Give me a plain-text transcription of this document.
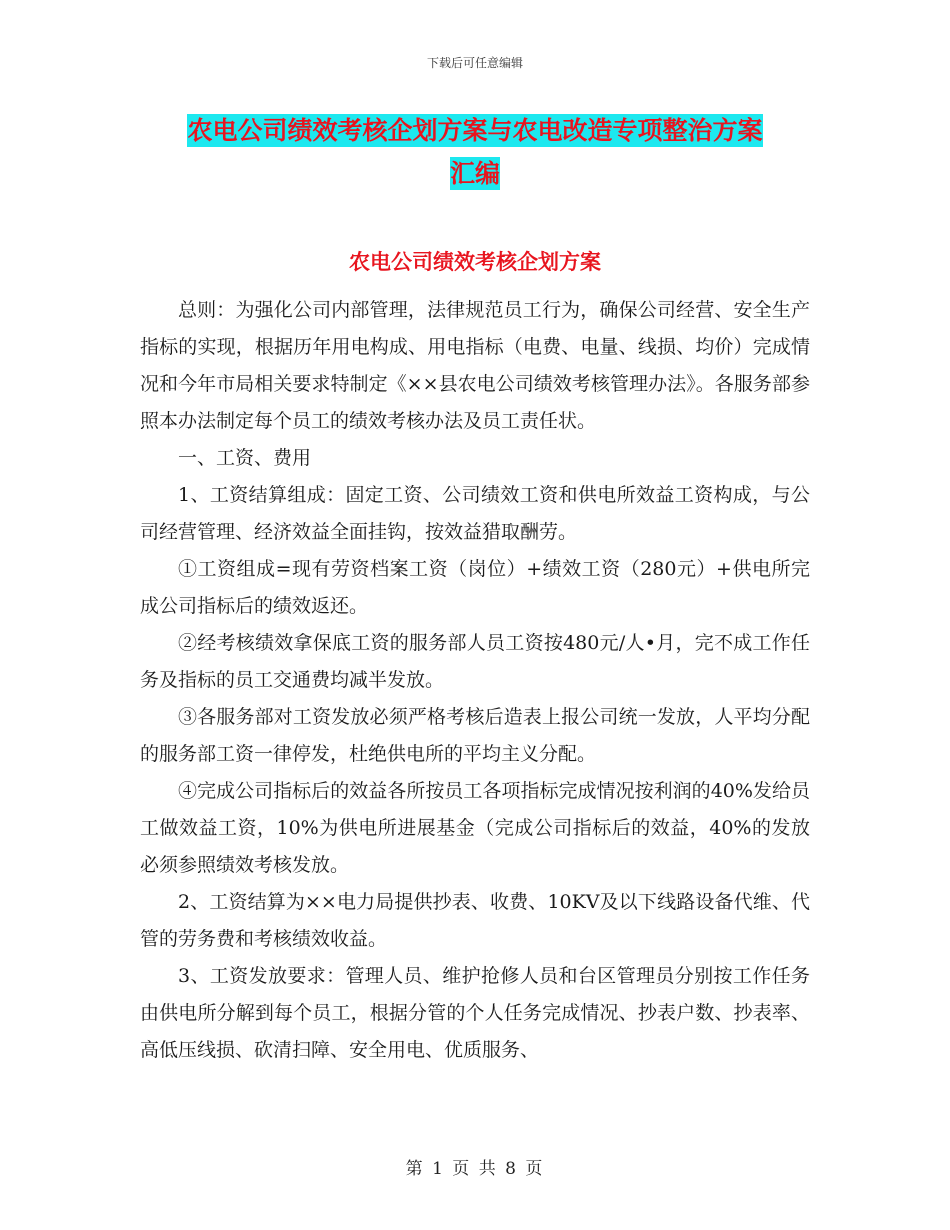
下载后可任意编辑
农电公司绩效考核企划方案与农电改造专项整治方案
汇编
农电公司绩效考核企划方案

总则：为强化公司内部管理，法律规范员工行为，确保公司经营、安全生产指标的实现，根据历年用电构成、用电指标（电费、电量、线损、均价）完成情况和今年市局相关要求特制定《××县农电公司绩效考核管理办法》。各服务部参照本办法制定每个员工的绩效考核办法及员工责任状。

一、工资、费用

1、工资结算组成：固定工资、公司绩效工资和供电所效益工资构成，与公司经营管理、经济效益全面挂钩，按效益猎取酬劳。

①工资组成=现有劳资档案工资（岗位）+绩效工资（280元）+供电所完成公司指标后的绩效返还。

②经考核绩效拿保底工资的服务部人员工资按480元/人•月，完不成工作任务及指标的员工交通费均减半发放。

③各服务部对工资发放必须严格考核后造表上报公司统一发放，人平均分配的服务部工资一律停发，杜绝供电所的平均主义分配。

④完成公司指标后的效益各所按员工各项指标完成情况按利润的40%发给员工做效益工资，10%为供电所进展基金（完成公司指标后的效益，40%的发放必须参照绩效考核发放。

2、工资结算为××电力局提供抄表、收费、10KV及以下线路设备代维、代管的劳务费和考核绩效收益。

3、工资发放要求：管理人员、维护抢修人员和台区管理员分别按工作任务由供电所分解到每个员工，根据分管的个人任务完成情况、抄表户数、抄表率、高低压线损、砍清扫障、安全用电、优质服务、

第 1 页 共 8 页
